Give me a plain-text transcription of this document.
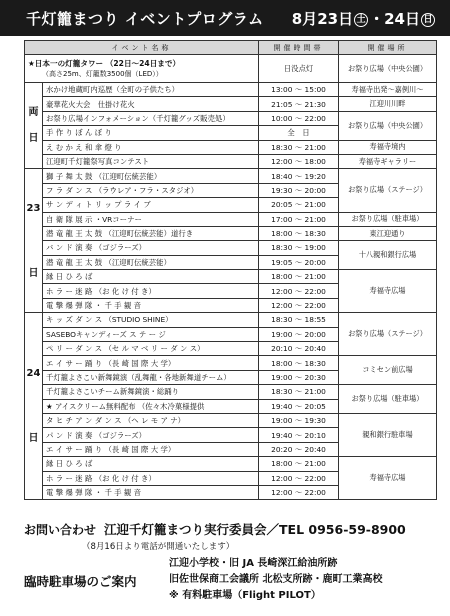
千灯籠まつり イベントプログラム 8月23日 土 ・24日 日
イベント名称		開催時間帯	開催場所

★日本一の灯籠タワー （22日〜24日まで）
（高さ25m、灯籠数3500個（LED））		日没点灯	お祭り広場（中央公園）

両

日	水かけ地蔵町内巡歴（全町の子供たち）	13:00 〜 15:00	寿福寺出発〜嘉例川〜
	豪華花火大会　仕掛け花火	21:05 〜 21:30	江迎川川畔
	お祭り広場インフォメーション（千灯籠グッズ販売処）	10:00 〜 22:00	お祭り広場（中央公園）
	手 作 り ぼ ん ぼ り	全　日	
	え む か え 和 傘 燈 り	18:30 〜 21:00	寿福寺境内
	江迎町千灯籠祭写真コンテスト	12:00 〜 18:00	寿福寺ギャラリー

23

日	獅 子 舞 太 鼓 （江迎町伝統芸能）	18:40 〜 19:20	お祭り広場（ステージ）
	フ ラ ダ ン ス （ラウレア・フラ・スタジオ）	19:30 〜 20:00	
	サ ン デ ィ ト リ ッ プ ラ イ ブ	20:05 〜 21:00	
	自 衛 隊 展 示 ・VRコーナー	17:00 〜 21:00	お祭り広場（駐車場）
	潜 竜 龍 王 太 鼓 （江迎町伝統芸能）道行き	18:00 〜 18:30	東江迎通り
	バ ン ド 演 奏 （ゴジラーズ）	18:30 〜 19:00	十八親和銀行広場
	潜 竜 龍 王 太 鼓 （江迎町伝統芸能）	19:05 〜 20:00	
	縁 日 ひ ろ ば	18:00 〜 21:00	寿福寺広場
	ホ ラ ー 迷 路 （お 化 け 付 き）	12:00 〜 22:00	
	電 撃 爆 弾 隊 ・ 千 手 観 音	12:00 〜 22:00	

24

日	キ ッ ズ ダ ン ス （STUDIO SHINE）	18:30 〜 18:55	お祭り広場（ステージ）
	SASEBOキャンディーズ ス テ ー ジ	19:00 〜 20:00	
	ペ リ ー ダ ン ス （セ ル マ ベ リ ー ダ ン ス）	20:10 〜 20:40	
	エ イ サ ー 踊 り （長 崎 国 際 大 学）	18:00 〜 18:30	コミセン前広場
	千灯籠よさこい新舞鏡演（乱舞龍・各地新舞道チーム）	19:00 〜 20:30	
	千灯籠よさこいチーム新舞鏡演・総踊り	18:30 〜 21:00	お祭り広場（駐車場）
	★ アイスクリーム無料配布 （佐々木冷菓様提供	19:40 〜 20:05	
	タ ヒ チ ア ン ダ ン ス （ヘ レ モ ア ナ）	19:00 〜 19:30	親和銀行駐車場
	パ ン ド 演 奏 （ゴジラーズ）	19:40 〜 20:10	
	エ イ サ ー 踊 り （長 崎 国 際 大 学）	20:20 〜 20:40	
	縁 日 ひ ろ ば	18:00 〜 21:00	寿福寺広場
	ホ ラ ー 迷 路 （お 化 け 付 き）	12:00 〜 22:00	
	電 撃 爆 弾 隊 ・ 千 手 観 音	12:00 〜 22:00	
お問い合わせ 江迎千灯籠まつり実行委員会／TEL 0956-59-8900
（8月16日より電話が開通いたします）
臨時駐車場のご案内
江迎小学校・旧 JA 長崎深江給油所跡
旧佐世保商工会議所 北松支所跡・鹿町工業高校
※ 有料駐車場（Flight PILOT）
